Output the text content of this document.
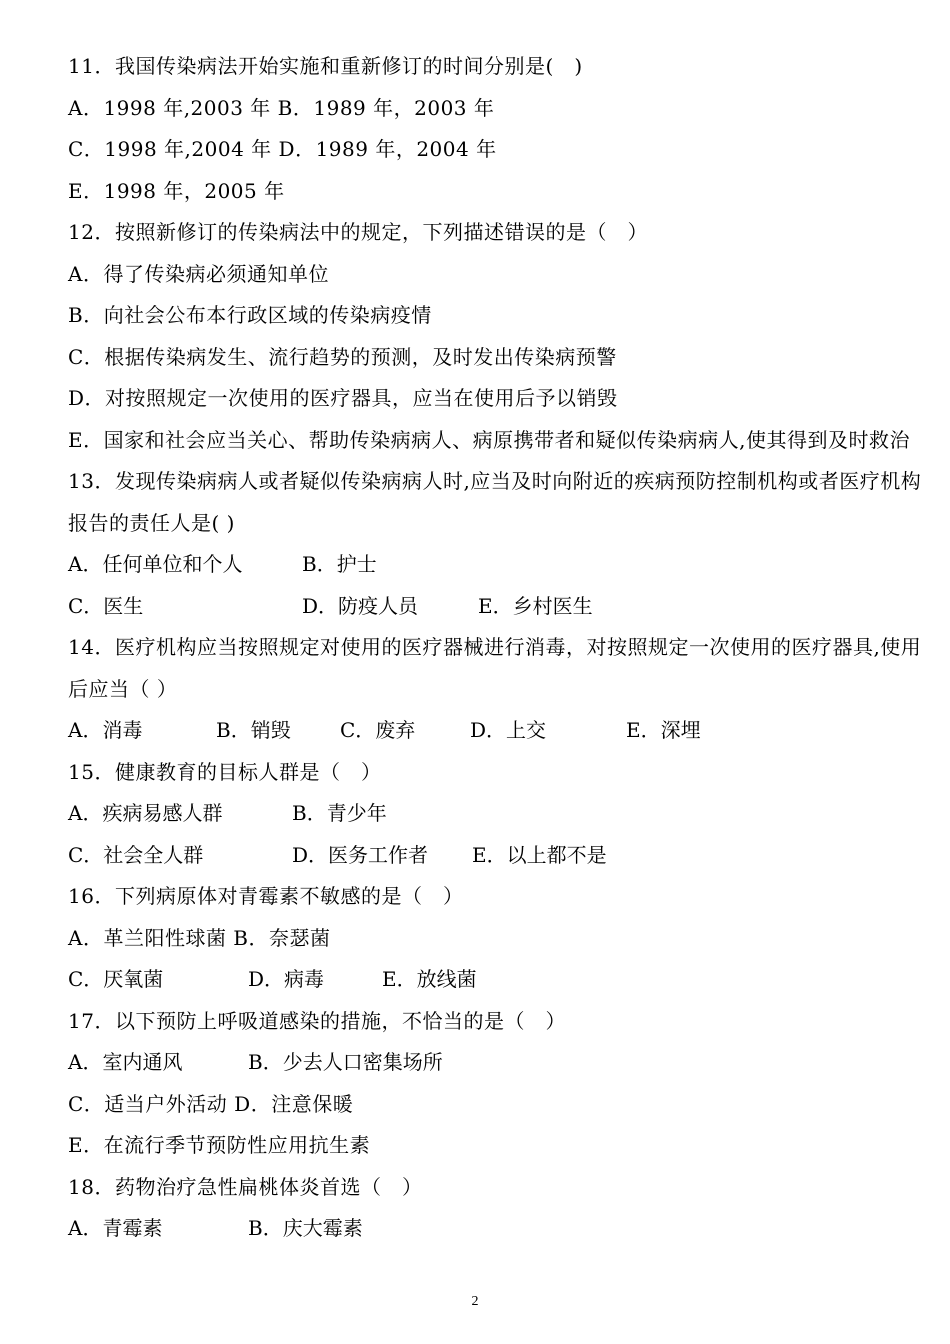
11．我国传染病法开始实施和重新修订的时间分别是(   )
A．1998 年,2003 年 B．1989 年，2003 年
C．1998 年,2004 年 D．1989 年，2004 年
E．1998 年，2005 年
12．按照新修订的传染病法中的规定，下列描述错误的是（   ）
A．得了传染病必须通知单位
B．向社会公布本行政区域的传染病疫情
C．根据传染病发生、流行趋势的预测，及时发出传染病预警
D．对按照规定一次使用的医疗器具，应当在使用后予以销毁
E．国家和社会应当关心、帮助传染病病人、病原携带者和疑似传染病病人,使其得到及时救治
13．发现传染病病人或者疑似传染病病人时,应当及时向附近的疾病预防控制机构或者医疗机构报告的责任人是( )
A．任何单位和个人	B．护士
C．医生	D．防疫人员	E．乡村医生
14．医疗机构应当按照规定对使用的医疗器械进行消毒，对按照规定一次使用的医疗器具,使用后应当（ ）
A．消毒	B．销毁 C．废弃	D．上交	E．深埋
15．健康教育的目标人群是（   ）
A．疾病易感人群	B．青少年
C．社会全人群	D．医务工作者 E．以上都不是
16．下列病原体对青霉素不敏感的是（   ）
A．革兰阳性球菌 B．奈瑟菌
C．厌氧菌	D．病毒	E．放线菌
17．以下预防上呼吸道感染的措施，不恰当的是（   ）
A．室内通风	B．少去人口密集场所
C．适当户外活动 D．注意保暖
E．在流行季节预防性应用抗生素
18．药物治疗急性扁桃体炎首选（   ）
A．青霉素	B．庆大霉素
2
